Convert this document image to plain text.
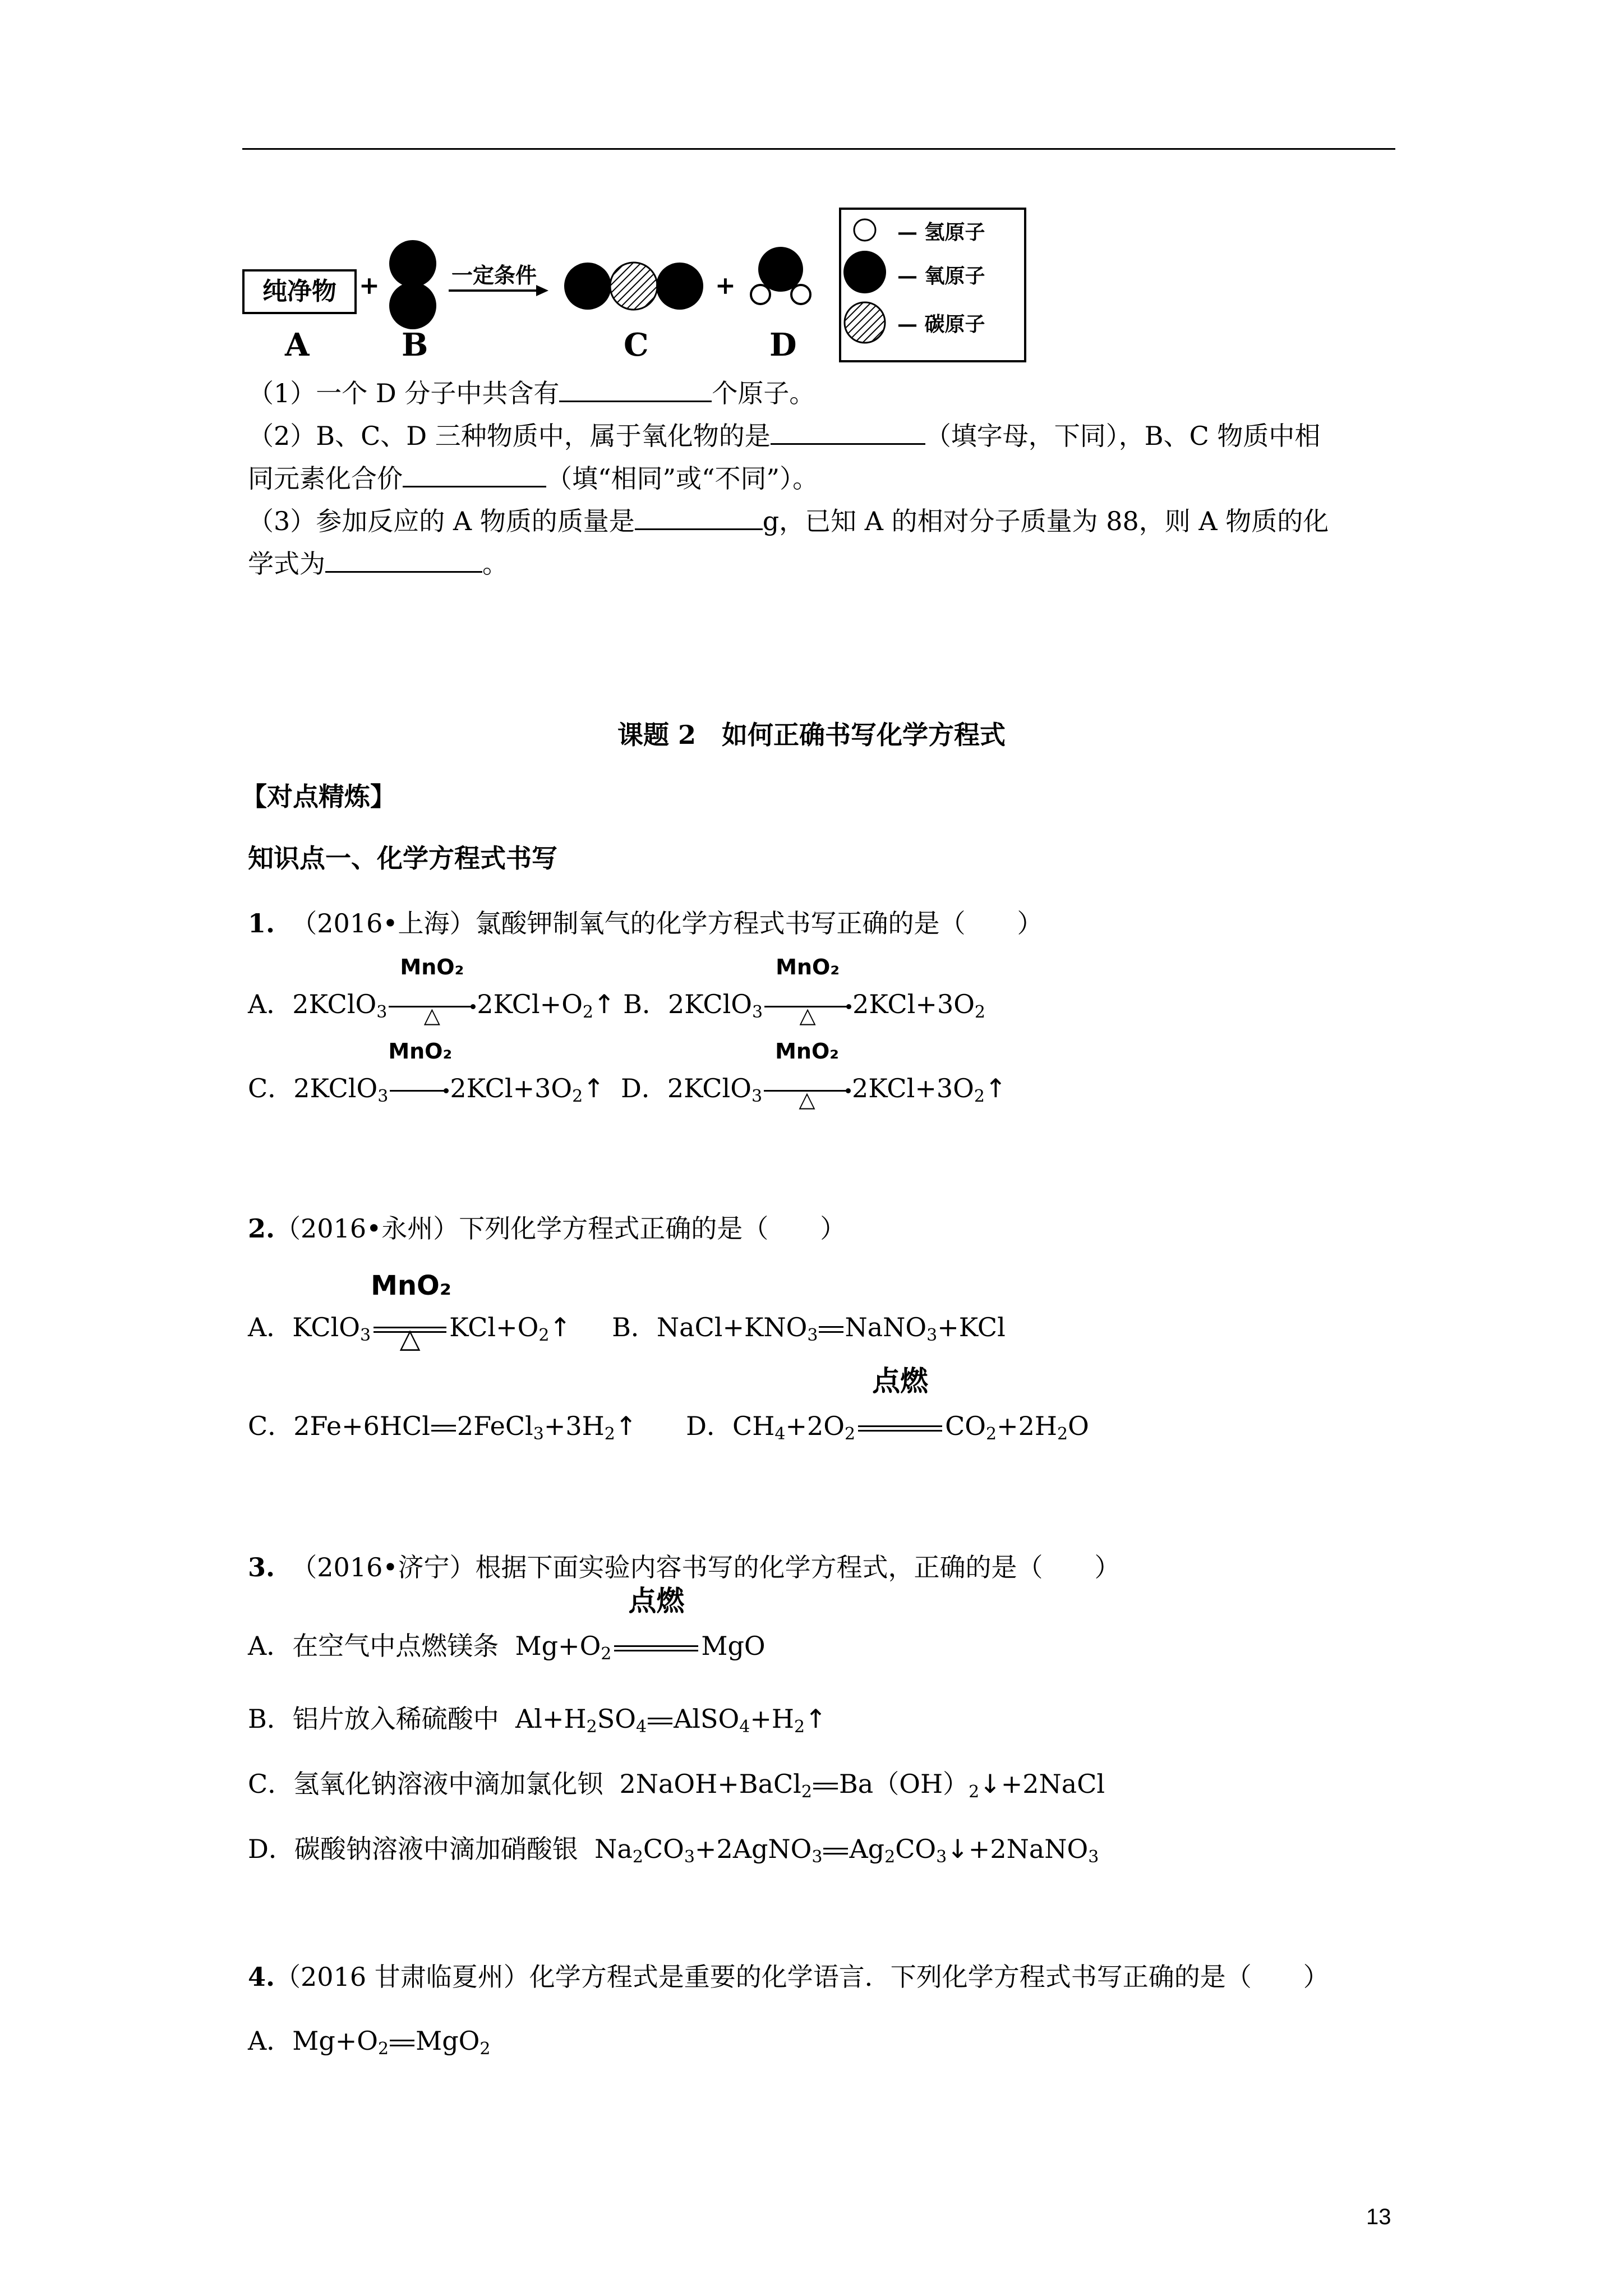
纯净物 +	一定条件	+
— 氢原子
— 氧原子
— 碳原子
A	B	C	D
（1）一个 D 分子中共含有	个原子。
（2）B、C、D 三种物质中，属于氧化物的是	（填字母，下同），B、C 物质中相
同元素化合价	（填“相同”或“不同”）。
（3）参加反应的 A 物质的质量是	g，已知 A 的相对分子质量为 88，则 A 物质的化
学式为	。
课题 2　如何正确书写化学方程式
【对点精炼】
知识点一、化学方程式书写
1. （2016•上海）氯酸钾制氧气的化学方程式书写正确的是（　　）
A．2KClO$_3$
MnO₂
△	$2KCl+O_2↑$ B．2KClO$_3$
MnO₂
△	$2KCl+3O_2$
C．2KClO$_3$
MnO₂
$2KCl+3O_2↑$  D．2KClO$_3$
MnO₂
△	$2KCl+3O_2↑$
2.（2016•永州）下列化学方程式正确的是（　　）
A．KClO$_3$
MnO₂
△	$KCl+O_2↑$     B．$NaCl+KNO_3$ NaNO$_3$+KCl
C．2Fe+6HCl $2FeCl_3+3H_2↑$      D．$CH_4+2O_2$
点燃
$CO_2+2H_2O$
3. （2016•济宁）根据下面实验内容书写的化学方程式，正确的是（　　）
A．在空气中点燃镁条  $Mg+O_2$
点燃
MgO
B．铝片放入稀硫酸中  $Al+H_2SO_4$ $AlSO_4+H_2↑$
C．氢氧化钠溶液中滴加氯化钡  2NaOH+BaCl$_2$ $Ba(OH)_2↓+2NaCl$
D．碳酸钠溶液中滴加硝酸银  $Na_2CO_3+2AgNO_3$ $Ag_2CO_3↓+2NaNO_3$
4.（2016 甘肃临夏州）化学方程式是重要的化学语言．下列化学方程式书写正确的是（　　）
A．$Mg+O_2$ MgO$_2$
13
